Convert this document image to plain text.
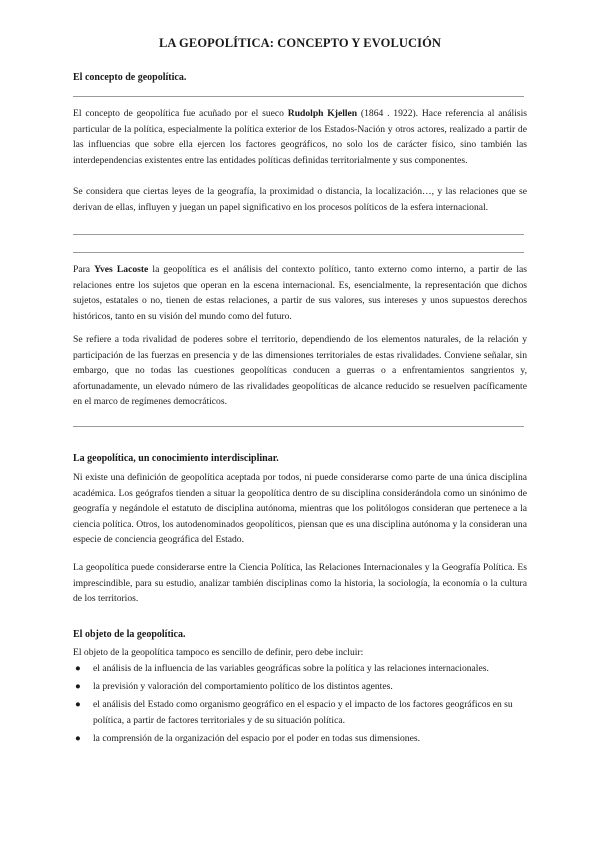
LA GEOPOLÍTICA: CONCEPTO Y EVOLUCIÓN
El concepto de geopolítica.
El concepto de geopolítica fue acuñado por el sueco Rudolph Kjellen (1864 . 1922). Hace referencia al análisis particular de la política, especialmente la política exterior de los Estados-Nación y otros actores, realizado a partir de las influencias que sobre ella ejercen los factores geográficos, no solo los de carácter físico, sino también las interdependencias existentes entre las entidades políticas definidas territorialmente y sus componentes.
Se considera que ciertas leyes de la geografía, la proximidad o distancia, la localización…, y las relaciones que se derivan de ellas, influyen y juegan un papel significativo en los procesos políticos de la esfera internacional.
Para Yves Lacoste la geopolítica es el análisis del contexto político, tanto externo como interno, a partir de las relaciones entre los sujetos que operan en la escena internacional. Es, esencialmente, la representación que dichos sujetos, estatales o no, tienen de estas relaciones, a partir de sus valores, sus intereses y unos supuestos derechos históricos, tanto en su visión del mundo como del futuro.
Se refiere a toda rivalidad de poderes sobre el territorio, dependiendo de los elementos naturales, de la relación y participación de las fuerzas en presencia y de las dimensiones territoriales de estas rivalidades. Conviene señalar, sin embargo, que no todas las cuestiones geopolíticas conducen a guerras o a enfrentamientos sangrientos y, afortunadamente, un elevado número de las rivalidades geopolíticas de alcance reducido se resuelven pacíficamente en el marco de regímenes democráticos.
La geopolítica, un conocimiento interdisciplinar.
Ni existe una definición de geopolítica aceptada por todos, ni puede considerarse como parte de una única disciplina académica. Los geógrafos tienden a situar la geopolítica dentro de su disciplina considerándola como un sinónimo de geografía y negándole el estatuto de disciplina autónoma, mientras que los politólogos consideran que pertenece a la ciencia política. Otros, los autodenominados geopolíticos, piensan que es una disciplina autónoma y la consideran una especie de conciencia geográfica del Estado.
La geopolítica puede considerarse entre la Ciencia Política, las Relaciones Internacionales y la Geografía Política. Es imprescindible, para su estudio, analizar también disciplinas como la historia, la sociología, la economía o la cultura de los territorios.
El objeto de la geopolítica.
El objeto de la geopolítica tampoco es sencillo de definir, pero debe incluir:
● el análisis de la influencia de las variables geográficas sobre la política y las relaciones internacionales.
● la previsión y valoración del comportamiento político de los distintos agentes.
● el análisis del Estado como organismo geográfico en el espacio y el impacto de los factores geográficos en su política, a partir de factores territoriales y de su situación política.
● la comprensión de la organización del espacio por el poder en todas sus dimensiones.
